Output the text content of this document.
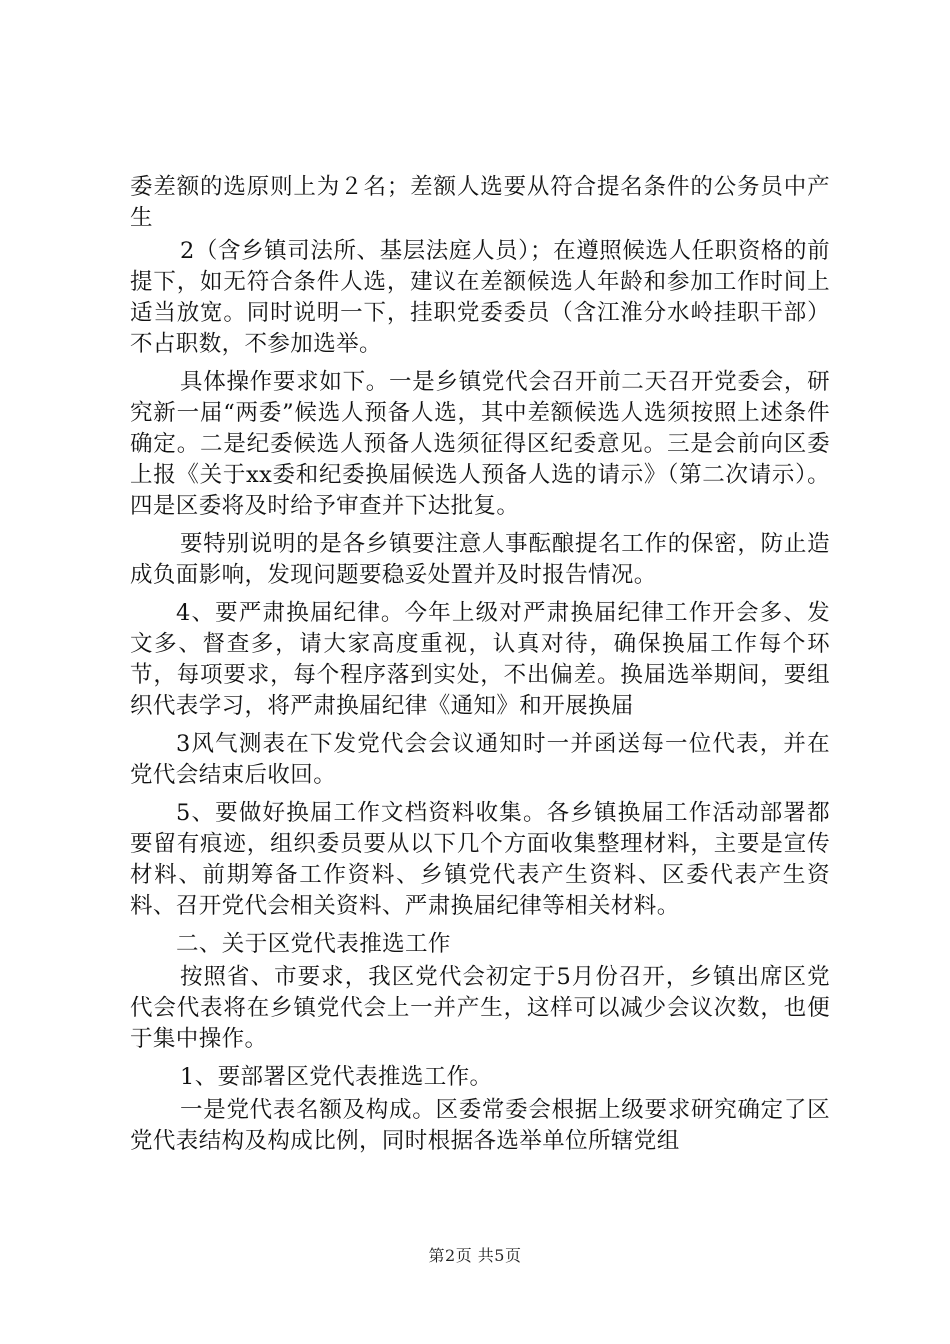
委差额的选原则上为２名；差额人选要从符合提名条件的公务员中产生

2（含乡镇司法所、基层法庭人员）；在遵照候选人任职资格的前提下，如无符合条件人选，建议在差额候选人年龄和参加工作时间上适当放宽。同时说明一下，挂职党委委员（含江淮分水岭挂职干部）不占职数，不参加选举。

具体操作要求如下。一是乡镇党代会召开前二天召开党委会，研究新一届“两委”候选人预备人选，其中差额候选人选须按照上述条件确定。二是纪委候选人预备人选须征得区纪委意见。三是会前向区委上报《关于xx委和纪委换届候选人预备人选的请示》（第二次请示）。四是区委将及时给予审查并下达批复。

要特别说明的是各乡镇要注意人事酝酿提名工作的保密，防止造成负面影响，发现问题要稳妥处置并及时报告情况。

4、要严肃换届纪律。今年上级对严肃换届纪律工作开会多、发文多、督查多，请大家高度重视，认真对待，确保换届工作每个环节，每项要求，每个程序落到实处，不出偏差。换届选举期间，要组织代表学习，将严肃换届纪律《通知》和开展换届

3风气测表在下发党代会会议通知时一并函送每一位代表，并在党代会结束后收回。

5、要做好换届工作文档资料收集。各乡镇换届工作活动部署都要留有痕迹，组织委员要从以下几个方面收集整理材料，主要是宣传材料、前期筹备工作资料、乡镇党代表产生资料、区委代表产生资料、召开党代会相关资料、严肃换届纪律等相关材料。

二、关于区党代表推选工作

按照省、市要求，我区党代会初定于5月份召开，乡镇出席区党代会代表将在乡镇党代会上一并产生，这样可以减少会议次数，也便于集中操作。

1、要部署区党代表推选工作。

一是党代表名额及构成。区委常委会根据上级要求研究确定了区党代表结构及构成比例，同时根据各选举单位所辖党组

第2页 共5页
